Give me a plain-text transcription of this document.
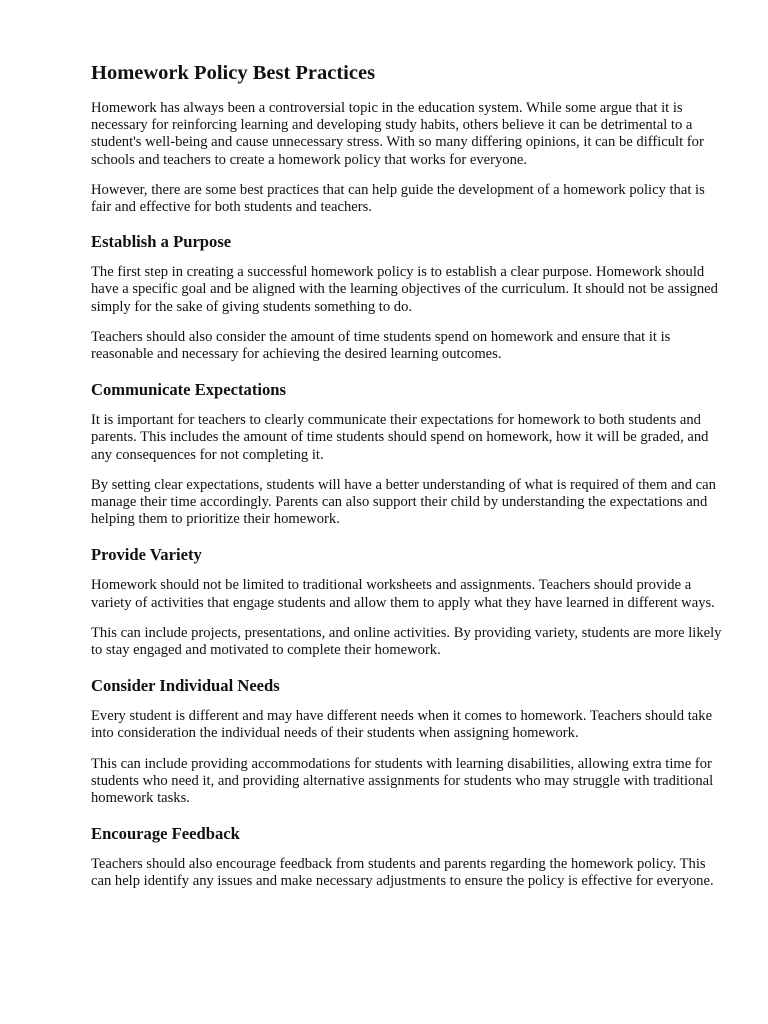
Homework Policy Best Practices

Homework has always been a controversial topic in the education system. While some argue that it is necessary for reinforcing learning and developing study habits, others believe it can be detrimental to a student's well-being and cause unnecessary stress. With so many differing opinions, it can be difficult for schools and teachers to create a homework policy that works for everyone.

However, there are some best practices that can help guide the development of a homework policy that is fair and effective for both students and teachers.

Establish a Purpose

The first step in creating a successful homework policy is to establish a clear purpose. Homework should have a specific goal and be aligned with the learning objectives of the curriculum. It should not be assigned simply for the sake of giving students something to do.

Teachers should also consider the amount of time students spend on homework and ensure that it is reasonable and necessary for achieving the desired learning outcomes.

Communicate Expectations

It is important for teachers to clearly communicate their expectations for homework to both students and parents. This includes the amount of time students should spend on homework, how it will be graded, and any consequences for not completing it.

By setting clear expectations, students will have a better understanding of what is required of them and can manage their time accordingly. Parents can also support their child by understanding the expectations and helping them to prioritize their homework.

Provide Variety

Homework should not be limited to traditional worksheets and assignments. Teachers should provide a variety of activities that engage students and allow them to apply what they have learned in different ways.

This can include projects, presentations, and online activities. By providing variety, students are more likely to stay engaged and motivated to complete their homework.

Consider Individual Needs

Every student is different and may have different needs when it comes to homework. Teachers should take into consideration the individual needs of their students when assigning homework.

This can include providing accommodations for students with learning disabilities, allowing extra time for students who need it, and providing alternative assignments for students who may struggle with traditional homework tasks.

Encourage Feedback

Teachers should also encourage feedback from students and parents regarding the homework policy. This can help identify any issues and make necessary adjustments to ensure the policy is effective for everyone.
